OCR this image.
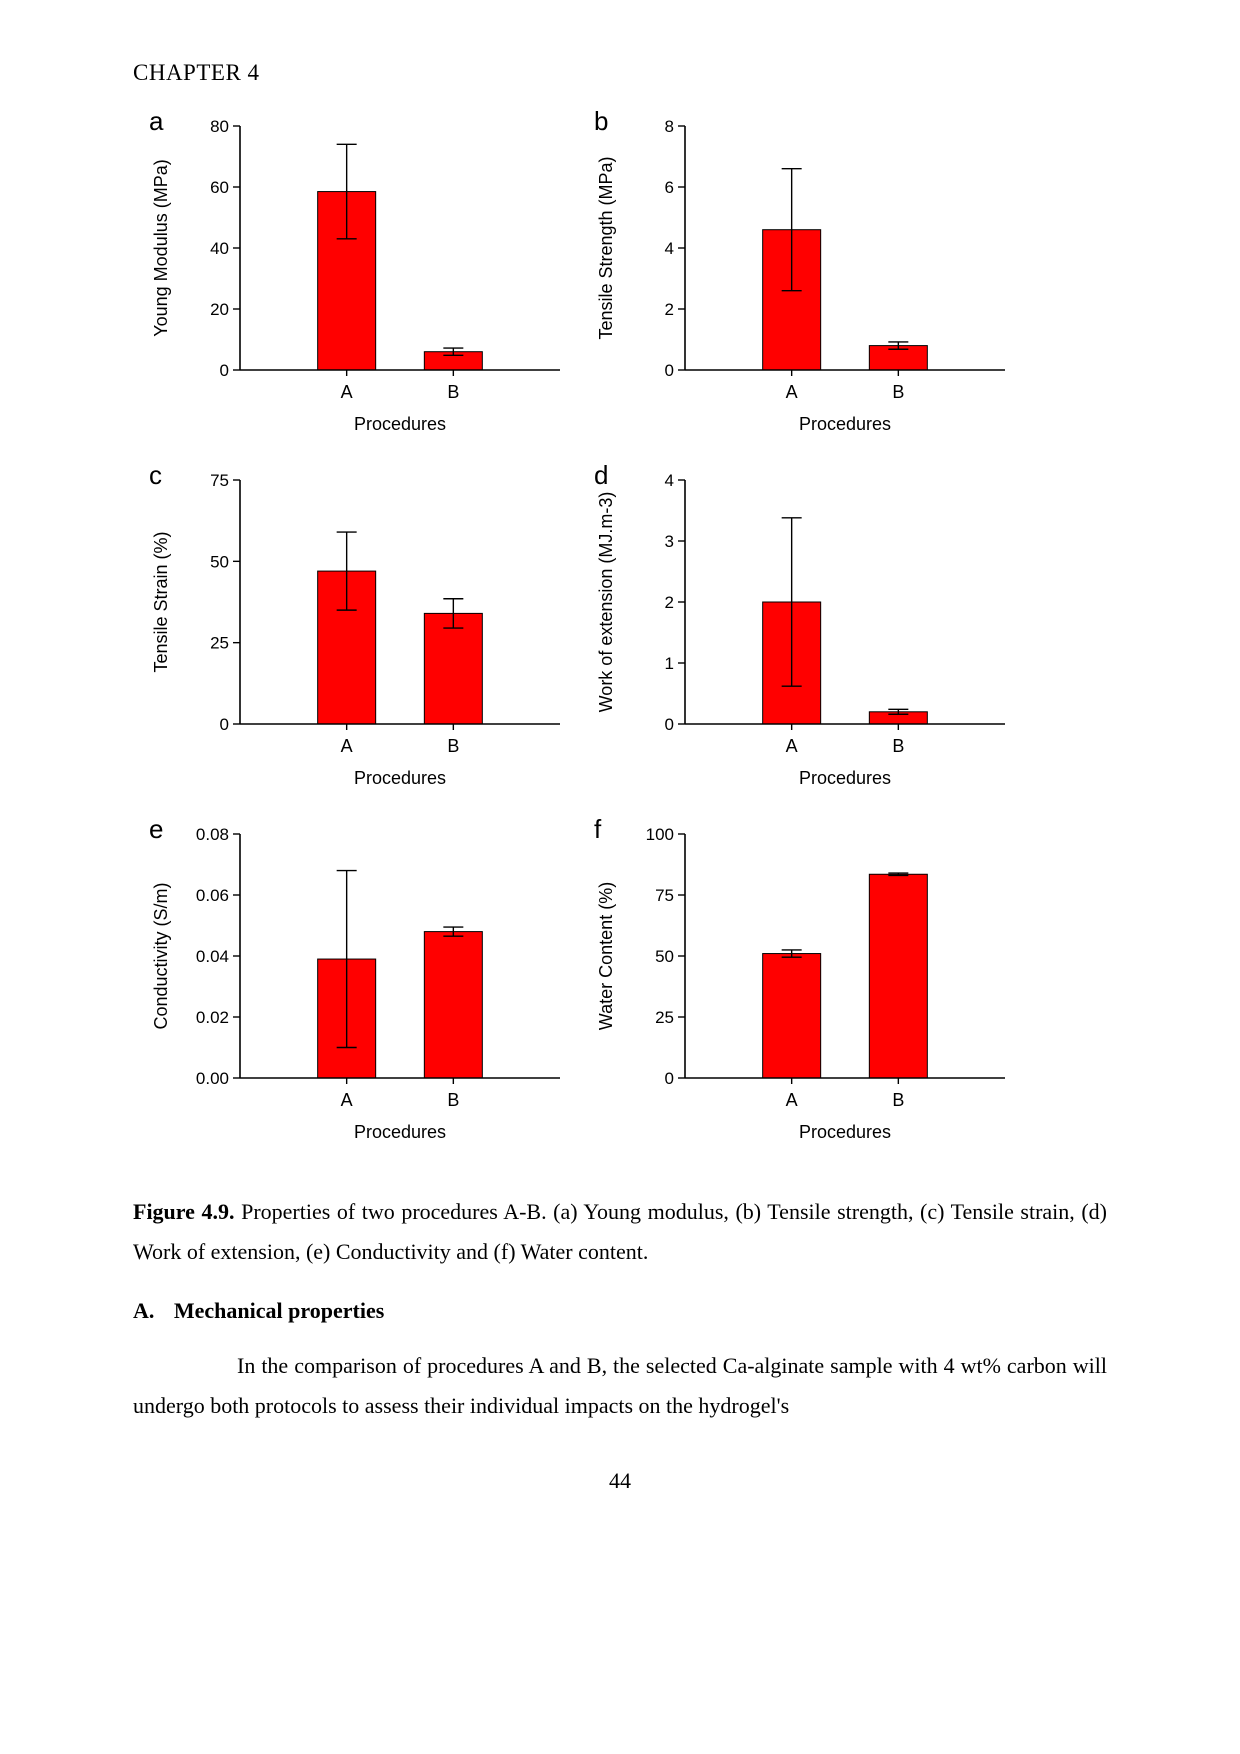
CHAPTER 4
a
A	B
0
20
40
60
80
Procedures
Young Modulus (MPa)
b
A	B
0
2
4
6
8
Procedures
Tensile Strength (MPa)
c
A	B
0
25
50
75
Procedures
Tensile Strain (%)
d
A	B
0
1
2
3
4
Procedures
Work of extension (MJ.m-3)
e
A	B
0.00
0.02
0.04
0.06
0.08
Procedures
Conductivity (S/m)
f
A	B
0
25
50
75
100
Procedures
Water Content (%)

Figure 4.9. Properties of two procedures A-B. (a) Young modulus, (b) Tensile strength, (c) Tensile strain, (d) Work of extension, (e) Conductivity and (f) Water content.

A. Mechanical properties

In the comparison of procedures A and B, the selected Ca-alginate sample with 4 wt% carbon will undergo both protocols to assess their individual impacts on the hydrogel's

44
